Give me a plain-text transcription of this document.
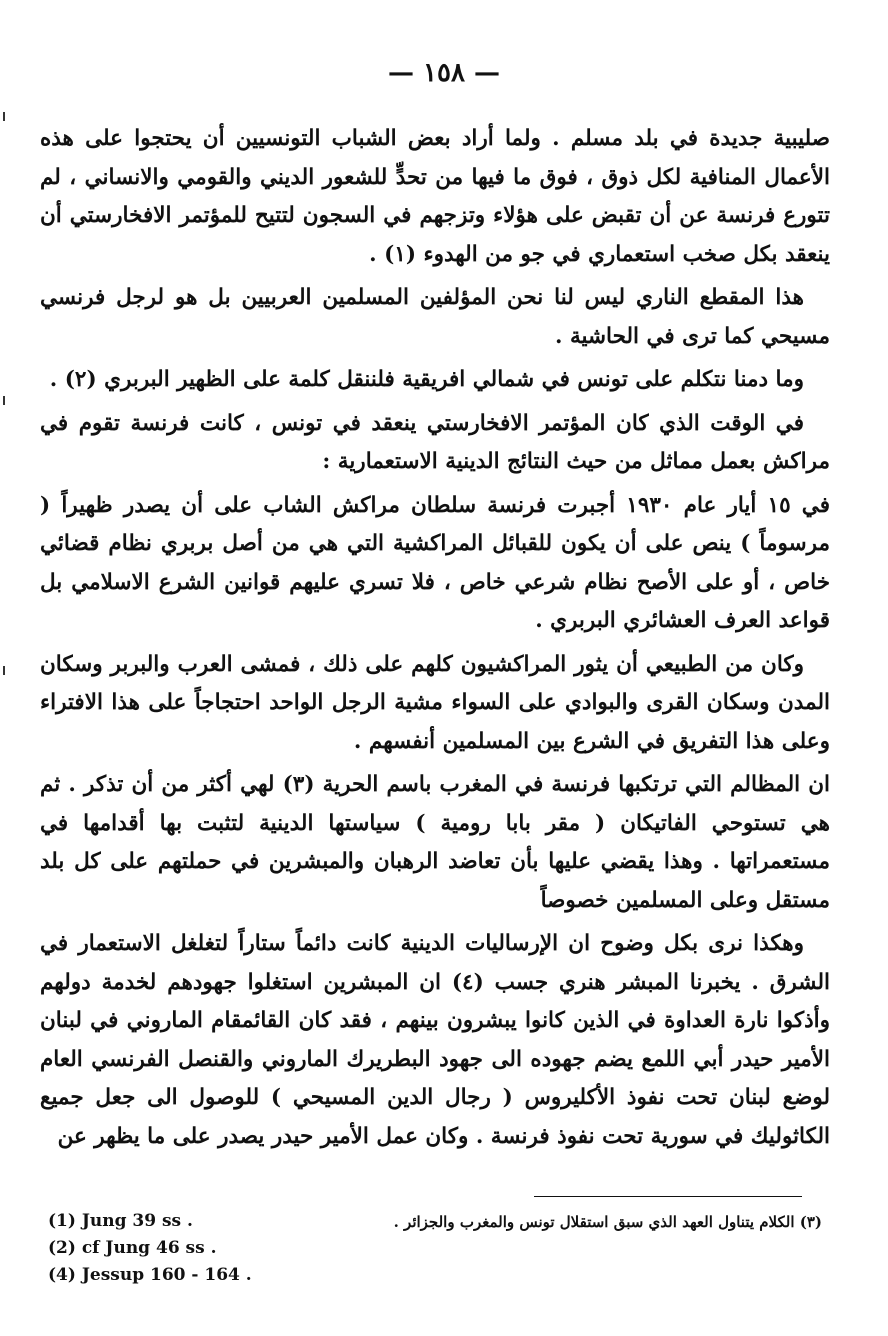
— ١٥٨ —

صليبية جديدة في بلد مسلم . ولما أراد بعض الشباب التونسيين أن يحتجوا على هذه الأعمال المنافية لكل ذوق ، فوق ما فيها من تحدٍّ للشعور الديني والقومي والانساني ، لم تتورع فرنسة عن أن تقبض على هؤلاء وتزجهم في السجون لتتيح للمؤتمر الافخارستي أن ينعقد بكل صخب استعماري في جو من الهدوء (١) .

هذا المقطع الناري ليس لنا نحن المؤلفين المسلمين العربيين بل هو لرجل فرنسي مسيحي كما ترى في الحاشية .

وما دمنا نتكلم على تونس في شمالي افريقية فلننقل كلمة على الظهير البربري (٢) .

في الوقت الذي كان المؤتمر الافخارستي ينعقد في تونس ، كانت فرنسة تقوم في مراكش بعمل مماثل من حيث النتائج الدينية الاستعمارية :

في ١٥ أيار عام ١٩٣٠ أجبرت فرنسة سلطان مراكش الشاب على أن يصدر ظهيراً ( مرسوماً ) ينص على أن يكون للقبائل المراكشية التي هي من أصل بربري نظام قضائي خاص ، أو على الأصح نظام شرعي خاص ، فلا تسري عليهم قوانين الشرع الاسلامي بل قواعد العرف العشائري البربري .

وكان من الطبيعي أن يثور المراكشيون كلهم على ذلك ، فمشى العرب والبربر وسكان المدن وسكان القرى والبوادي على السواء مشية الرجل الواحد احتجاجاً على هذا الافتراء وعلى هذا التفريق في الشرع بين المسلمين أنفسهم .

ان المظالم التي ترتكبها فرنسة في المغرب باسم الحرية (٣) لهي أكثر من أن تذكر . ثم هي تستوحي الفاتيكان ( مقر بابا رومية ) سياستها الدينية لتثبت بها أقدامها في مستعمراتها . وهذا يقضي عليها بأن تعاضد الرهبان والمبشرين في حملتهم على كل بلد مستقل وعلى المسلمين خصوصاً

وهكذا نرى بكل وضوح ان الإرساليات الدينية كانت دائماً ستاراً لتغلغل الاستعمار في الشرق . يخبرنا المبشر هنري جسب (٤) ان المبشرين استغلوا جهودهم لخدمة دولهم وأذكوا نارة العداوة في الذين كانوا يبشرون بينهم ، فقد كان القائمقام الماروني في لبنان الأمير حيدر أبي اللمع يضم جهوده الى جهود البطريرك الماروني والقنصل الفرنسي العام لوضع لبنان تحت نفوذ الأكليروس ( رجال الدين المسيحي ) للوصول الى جعل جميع الكاثوليك في سورية تحت نفوذ فرنسة . وكان عمل الأمير حيدر يصدر على ما يظهر عن

(1) Jung 39 ss .

(2) cf Jung 46 ss .

(4) Jessup 160 - 164 .

(٣) الكلام يتناول العهد الذي سبق استقلال تونس والمغرب والجزائر .
